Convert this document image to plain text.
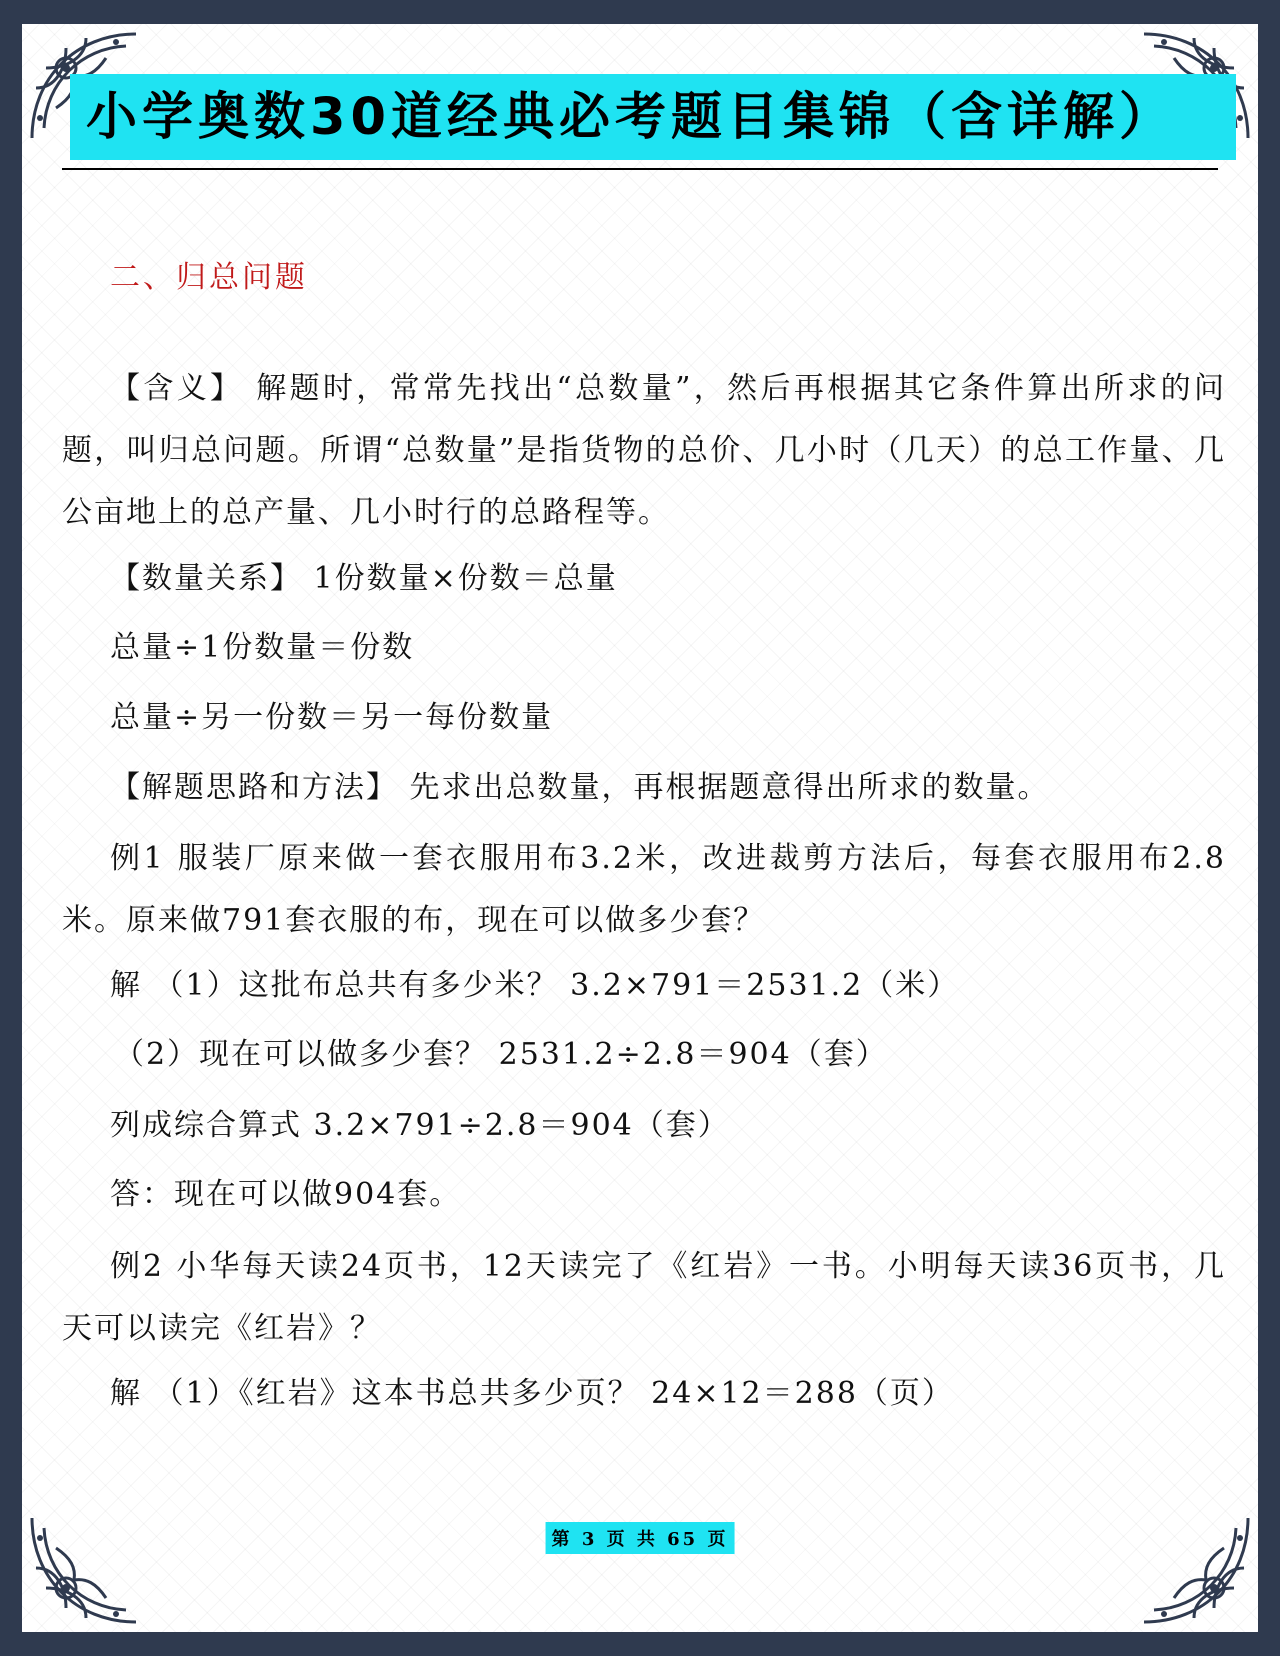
小学奥数30道经典必考题目集锦（含详解）
二、归总问题
【含义】 解题时，常常先找出“总数量”，然后再根据其它条件算出所求的问题，叫归总问题。所谓“总数量”是指货物的总价、几小时（几天）的总工作量、几公亩地上的总产量、几小时行的总路程等。
【数量关系】 1份数量×份数＝总量
总量÷1份数量＝份数
总量÷另一份数＝另一每份数量
【解题思路和方法】 先求出总数量，再根据题意得出所求的数量。
例1 服装厂原来做一套衣服用布3.2米，改进裁剪方法后，每套衣服用布2.8米。原来做791套衣服的布，现在可以做多少套？
解 （1）这批布总共有多少米？ 3.2×791＝2531.2（米）
（2）现在可以做多少套？ 2531.2÷2.8＝904（套）
列成综合算式 3.2×791÷2.8＝904（套）
答：现在可以做904套。
例2 小华每天读24页书，12天读完了《红岩》一书。小明每天读36页书，几天可以读完《红岩》？
解 （1）《红岩》这本书总共多少页？ 24×12＝288（页）
第 3 页 共 65 页
